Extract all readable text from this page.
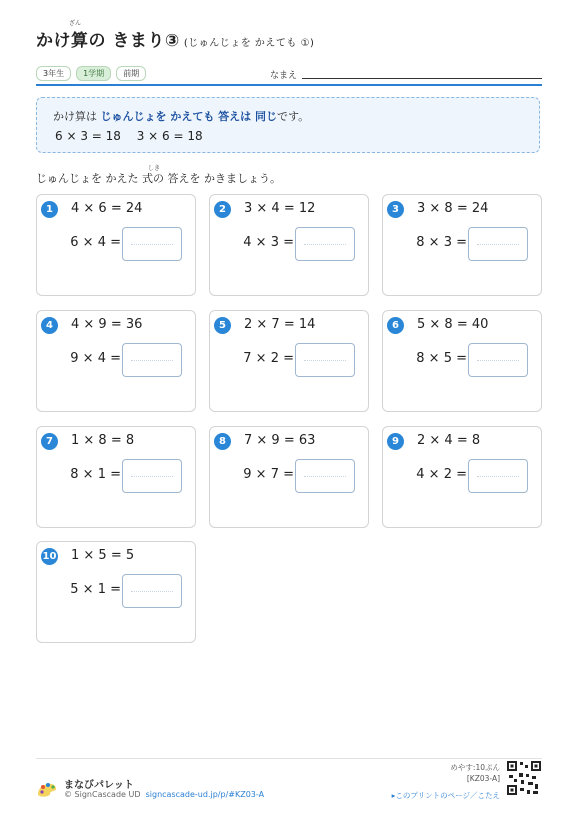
かけ算の きまり③ (じゅんじょを かえても ①)
ざん
3年生	1学期	前期	なまえ
かけ算は じゅんじょを かえても 答えは 同じです。
6 × 3 = 18　 3 × 6 = 18
じゅんじょを かえた 式の 答えを かきましょう。
しき
1	4 × 6 = 24
6 × 4 =
2	3 × 4 = 12
4 × 3 =
3	3 × 8 = 24
8 × 3 =
4	4 × 9 = 36
9 × 4 =
5	2 × 7 = 14
7 × 2 =
6	5 × 8 = 40
8 × 5 =
7	1 × 8 = 8
8 × 1 =
8	7 × 9 = 63
9 × 7 =
9	2 × 4 = 8
4 × 2 =
10 1 × 5 = 5
5 × 1 =
まなびパレット
© SignCascade UD signcascade-ud.jp/p/#KZ03-A
めやす:10ぷん
[KZ03-A]
▸このプリントのページ／こたえ
